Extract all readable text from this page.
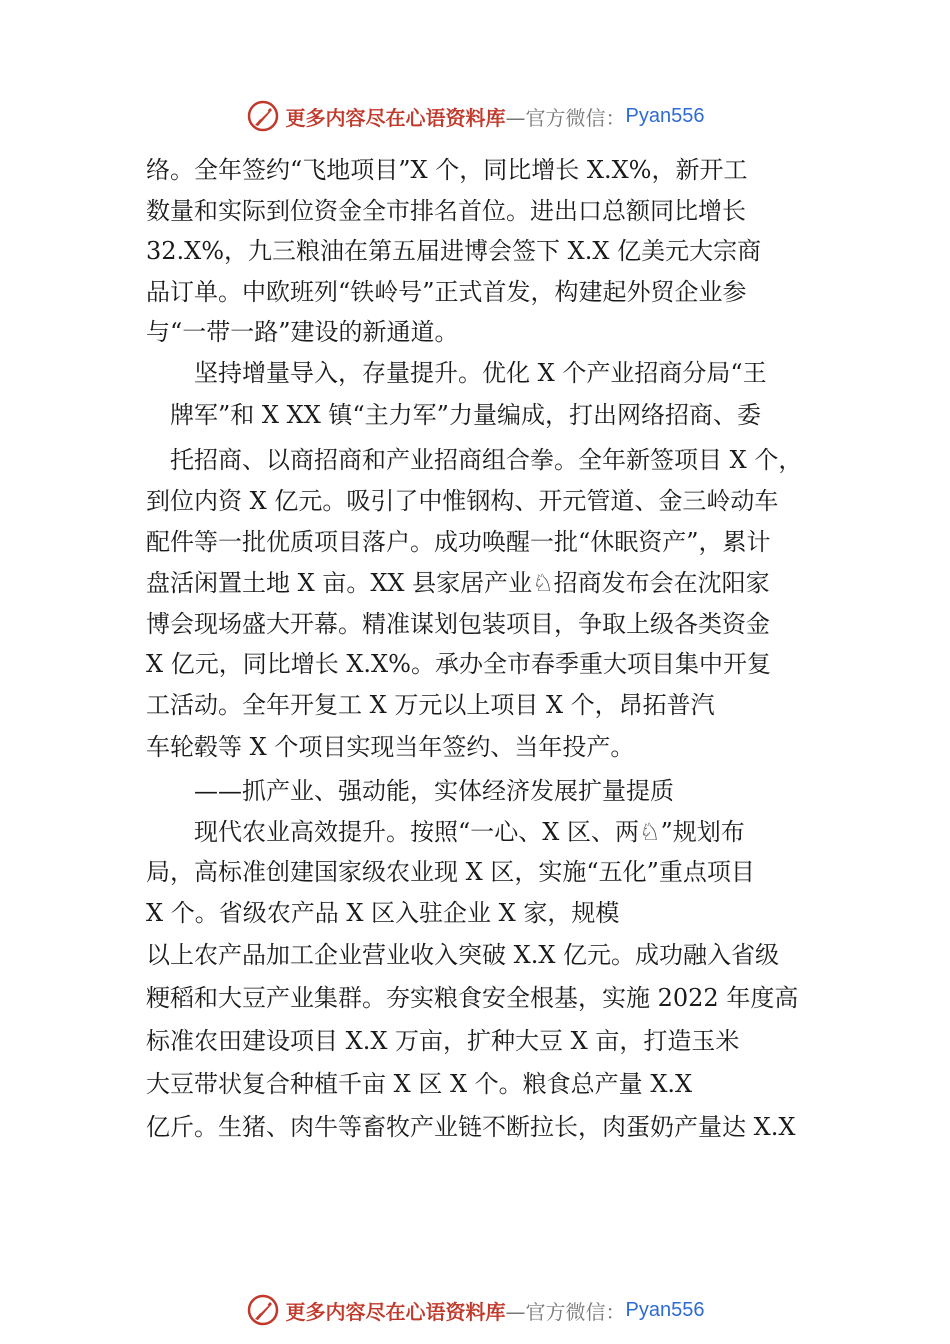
更多内容尽在心语资料库 —官方微信： Pyan556
络。全年签约“飞地项目”X 个，同比增长 X.X%，新开工
数量和实际到位资金全市排名首位。进出口总额同比增长
32.X%，九三粮油在第五届进博会签下 X.X 亿美元大宗商
品订单。中欧班列“铁岭号”正式首发，构建起外贸企业参
与“一带一路”建设的新通道。
坚持增量导入，存量提升。优化 X 个产业招商分局“王
牌军”和 X XX 镇“主力军”力量编成，打出网络招商、委
托招商、以商招商和产业招商组合拳。全年新签项目 X 个，
到位内资 X 亿元。吸引了中惟钢构、开元管道、金三岭动车
配件等一批优质项目落户。成功唤醒一批“休眠资产”，累计
盘活闲置土地 X 亩。XX 县家居产业♘招商发布会在沈阳家
博会现场盛大开幕。精准谋划包装项目，争取上级各类资金
X 亿元，同比增长 X.X%。承办全市春季重大项目集中开复
工活动。全年开复工 X 万元以上项目 X 个，昂拓普汽
车轮毂等 X 个项目实现当年签约、当年投产。
——抓产业、强动能，实体经济发展扩量提质
现代农业高效提升。按照“一心、X 区、两♘”规划布
局，高标准创建国家级农业现 X 区，实施“五化”重点项目
X 个。省级农产品 X 区入驻企业 X 家，规模
以上农产品加工企业营业收入突破 X.X 亿元。成功融入省级
粳稻和大豆产业集群。夯实粮食安全根基，实施 2022 年度高
标准农田建设项目 X.X 万亩，扩种大豆 X 亩，打造玉米
大豆带状复合种植千亩 X 区 X 个。粮食总产量 X.X
亿斤。生猪、肉牛等畜牧产业链不断拉长，肉蛋奶产量达 X.X
更多内容尽在心语资料库 —官方微信： Pyan556
